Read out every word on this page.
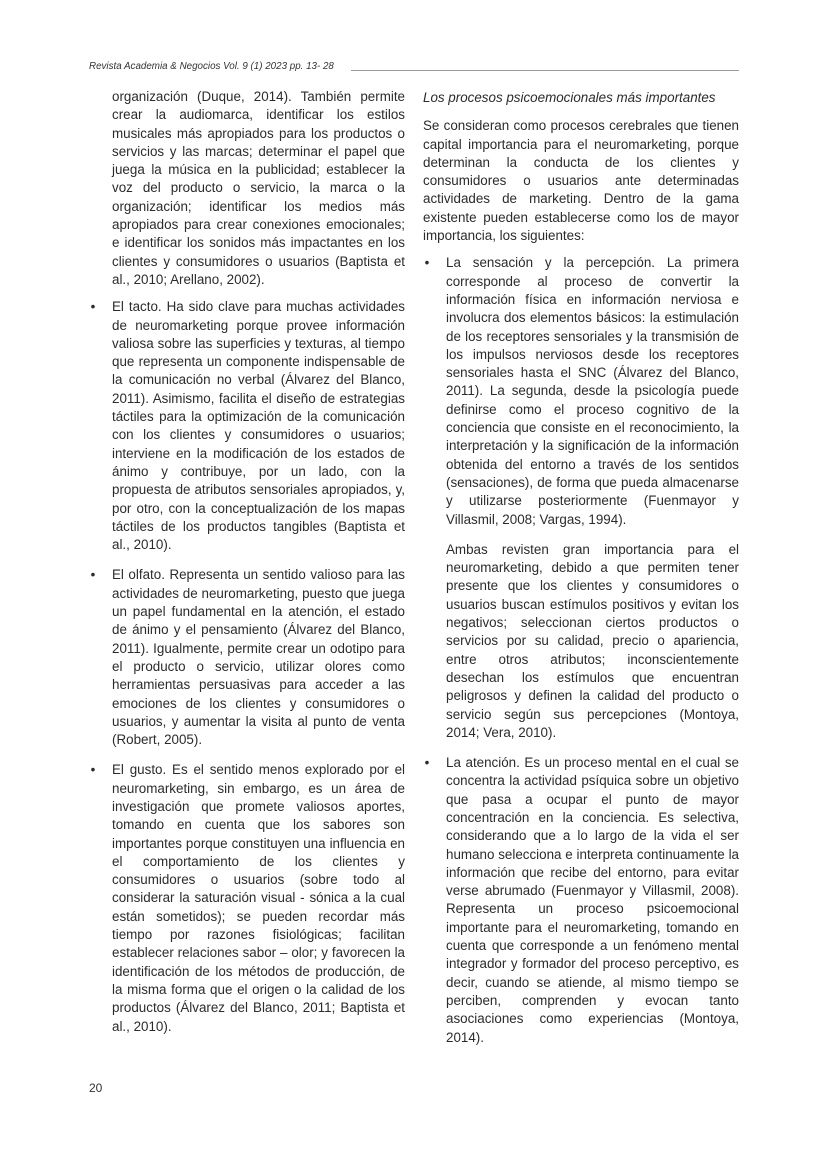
Revista Academia & Negocios Vol. 9 (1) 2023 pp. 13- 28

organización (Duque, 2014). También permite crear la audiomarca, identificar los estilos musicales más apropiados para los productos o servicios y las marcas; determinar el papel que juega la música en la publicidad; establecer la voz del producto o servicio, la marca o la organización; identificar los medios más apropiados para crear conexiones emocionales; e identificar los sonidos más impactantes en los clientes y consumidores o usuarios (Baptista et al., 2010; Arellano, 2002).

• El tacto. Ha sido clave para muchas actividades de neuromarketing porque provee información valiosa sobre las superficies y texturas, al tiempo que representa un componente indispensable de la comunicación no verbal (Álvarez del Blanco, 2011). Asimismo, facilita el diseño de estrategias táctiles para la optimización de la comunicación con los clientes y consumidores o usuarios; interviene en la modificación de los estados de ánimo y contribuye, por un lado, con la propuesta de atributos sensoriales apropiados, y, por otro, con la conceptualización de los mapas táctiles de los productos tangibles (Baptista et al., 2010).
• El olfato. Representa un sentido valioso para las actividades de neuromarketing, puesto que juega un papel fundamental en la atención, el estado de ánimo y el pensamiento (Álvarez del Blanco, 2011). Igualmente, permite crear un odotipo para el producto o servicio, utilizar olores como herramientas persuasivas para acceder a las emociones de los clientes y consumidores o usuarios, y aumentar la visita al punto de venta (Robert, 2005).
• El gusto. Es el sentido menos explorado por el neuromarketing, sin embargo, es un área de investigación que promete valiosos aportes, tomando en cuenta que los sabores son importantes porque constituyen una influencia en el comportamiento de los clientes y consumidores o usuarios (sobre todo al considerar la saturación visual - sónica a la cual están sometidos); se pueden recordar más tiempo por razones fisiológicas; facilitan establecer relaciones sabor – olor; y favorecen la identificación de los métodos de producción, de la misma forma que el origen o la calidad de los productos (Álvarez del Blanco, 2011; Baptista et al., 2010).
Los procesos psicoemocionales más importantes

Se consideran como procesos cerebrales que tienen capital importancia para el neuromarketing, porque determinan la conducta de los clientes y consumidores o usuarios ante determinadas actividades de marketing. Dentro de la gama existente pueden establecerse como los de mayor importancia, los siguientes:

• La sensación y la percepción. La primera corresponde al proceso de convertir la información física en información nerviosa e involucra dos elementos básicos: la estimulación de los receptores sensoriales y la transmisión de los impulsos nerviosos desde los receptores sensoriales hasta el SNC (Álvarez del Blanco, 2011). La segunda, desde la psicología puede definirse como el proceso cognitivo de la conciencia que consiste en el reconocimiento, la interpretación y la significación de la información obtenida del entorno a través de los sentidos (sensaciones), de forma que pueda almacenarse y utilizarse posteriormente (Fuenmayor y Villasmil, 2008; Vargas, 1994).

Ambas revisten gran importancia para el neuromarketing, debido a que permiten tener presente que los clientes y consumidores o usuarios buscan estímulos positivos y evitan los negativos; seleccionan ciertos productos o servicios por su calidad, precio o apariencia, entre otros atributos; inconscientemente desechan los estímulos que encuentran peligrosos y definen la calidad del producto o servicio según sus percepciones (Montoya, 2014; Vera, 2010).

• La atención. Es un proceso mental en el cual se concentra la actividad psíquica sobre un objetivo que pasa a ocupar el punto de mayor concentración en la conciencia. Es selectiva, considerando que a lo largo de la vida el ser humano selecciona e interpreta continuamente la información que recibe del entorno, para evitar verse abrumado (Fuenmayor y Villasmil, 2008). Representa un proceso psicoemocional importante para el neuromarketing, tomando en cuenta que corresponde a un fenómeno mental integrador y formador del proceso perceptivo, es decir, cuando se atiende, al mismo tiempo se perciben, comprenden y evocan tanto asociaciones como experiencias (Montoya, 2014).
20
